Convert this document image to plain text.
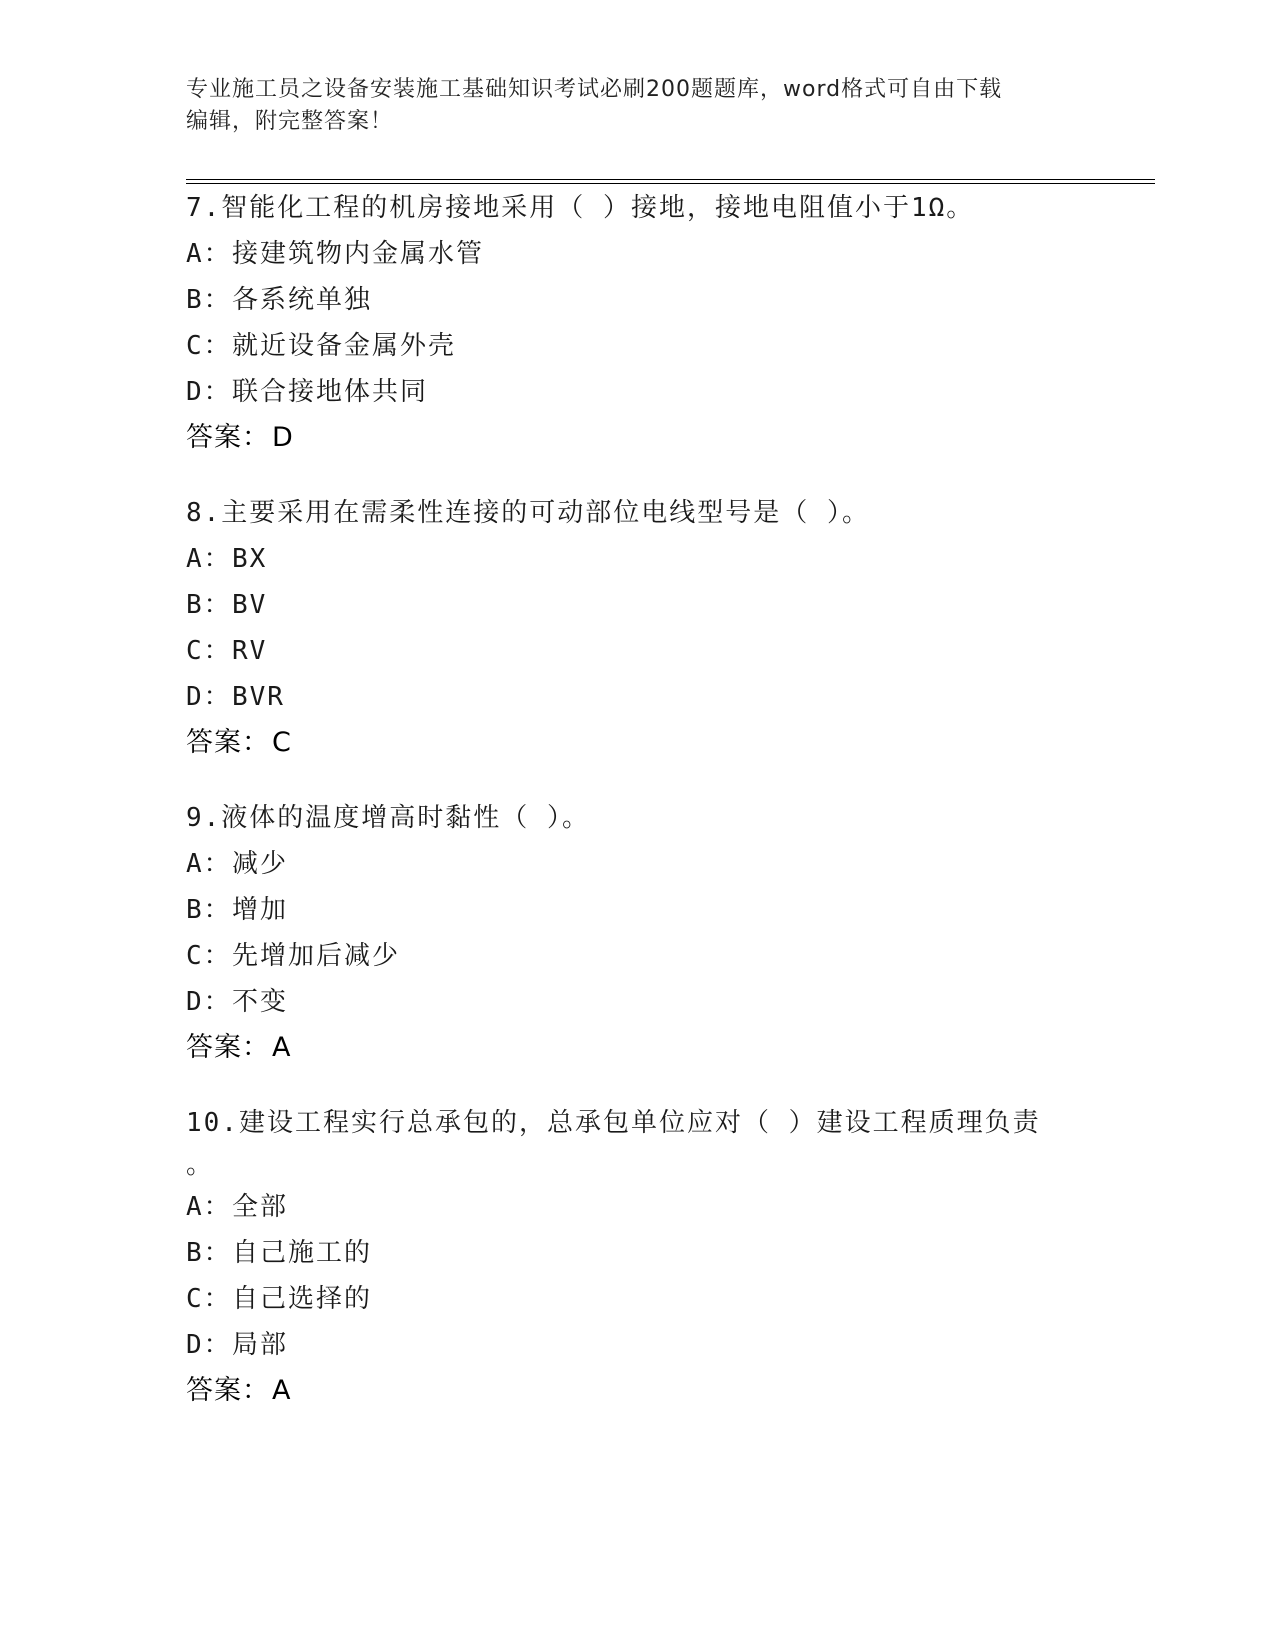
专业施工员之设备安装施工基础知识考试必刷200题题库，word格式可自由下载
编辑，附完整答案！
7.智能化工程的机房接地采用（ ）接地，接地电阻值小于1Ω。
A： 接建筑物内金属水管
B： 各系统单独
C： 就近设备金属外壳
D： 联合接地体共同
答案：D
8.主要采用在需柔性连接的可动部位电线型号是（ ）。
A： BX
B： BV
C： RV
D： BVR
答案：C
9.液体的温度增高时黏性（ ）。
A： 减少
B： 增加
C： 先增加后减少
D： 不变
答案：A
10.建设工程实行总承包的，总承包单位应对（ ）建设工程质理负责
。
A： 全部
B： 自己施工的
C： 自己选择的
D： 局部
答案：A
